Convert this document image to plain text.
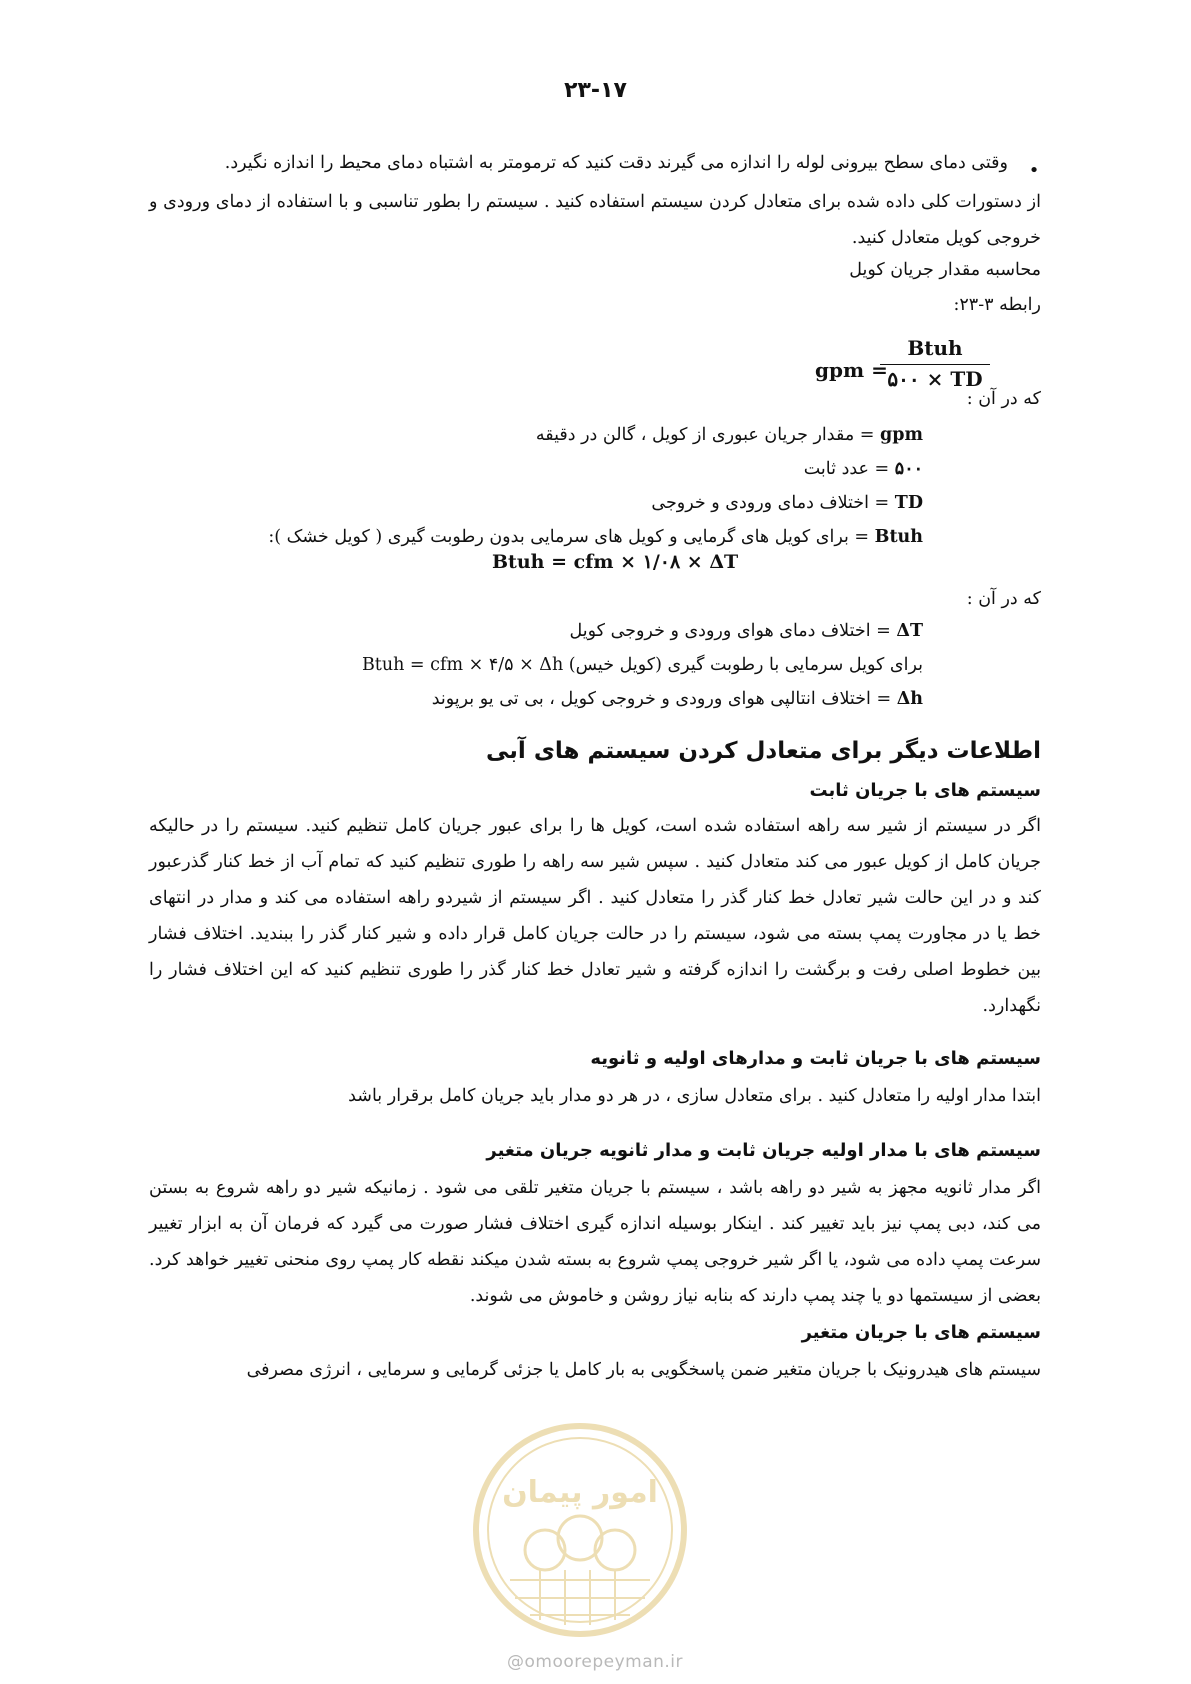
۲۳-۱۷
•
وقتی دمای سطح بیرونی لوله را اندازه می گیرند دقت کنید که ترمومتر به اشتباه دمای محیط را اندازه نگیرد.
از دستورات کلی داده شده برای متعادل کردن سیستم استفاده کنید . سیستم را بطور تناسبی و با استفاده از دمای ورودی و خروجی کویل متعادل کنید.
محاسبه مقدار جریان کویل
رابطه ۳-۲۳:
gpm =
Btuh
۵۰۰ × TD
که در آن :
gpm = مقدار جریان عبوری از کویل ، گالن در دقیقه
۵۰۰ = عدد ثابت
TD = اختلاف دمای ورودی و خروجی
Btuh = برای کویل های گرمایی و کویل های سرمایی بدون رطوبت گیری ( کویل خشک ):
Btuh = cfm × ۱/۰۸ × ΔT
که در آن :
ΔT = اختلاف دمای هوای ورودی و خروجی کویل
برای کویل سرمایی با رطوبت گیری (کویل خیس) Btuh = cfm × ۴/۵ × Δh
Δh = اختلاف انتالپی هوای ورودی و خروجی کویل ، بی تی یو برپوند
اطلاعات دیگر برای متعادل کردن سیستم های آبی
سیستم های با جریان ثابت
اگر در سیستم از شیر سه راهه استفاده شده است، کویل ها را برای عبور جریان کامل تنظیم کنید. سیستم را در حالیکه جریان کامل از کویل عبور می کند متعادل کنید . سپس شیر سه راهه را طوری تنظیم کنید که تمام آب از خط کنار گذرعبور کند و در این حالت شیر تعادل خط کنار گذر را متعادل کنید . اگر سیستم از شیردو راهه استفاده می کند و مدار در انتهای خط یا در مجاورت پمپ بسته می شود، سیستم را در حالت جریان کامل قرار داده و شیر کنار گذر را ببندید. اختلاف فشار بین خطوط اصلی رفت و برگشت را اندازه گرفته و شیر تعادل خط کنار گذر را طوری تنظیم کنید که این اختلاف فشار را نگهدارد.
سیستم های با جریان ثابت و مدارهای اولیه و ثانویه
ابتدا مدار اولیه را متعادل کنید . برای متعادل سازی ، در هر دو مدار باید جریان کامل برقرار باشد
سیستم های با مدار اولیه جریان ثابت و مدار ثانویه جریان متغیر
اگر مدار ثانویه مجهز به شیر دو راهه باشد ، سیستم با جریان متغیر تلقی می شود . زمانیکه شیر دو راهه شروع به بستن می کند، دبی پمپ نیز باید تغییر کند . اینکار بوسیله اندازه گیری اختلاف فشار صورت می گیرد که فرمان آن به ابزار تغییر سرعت پمپ داده می شود، یا اگر شیر خروجی پمپ شروع به بسته شدن میکند نقطه کار پمپ روی منحنی تغییر خواهد کرد. بعضی از سیستمها دو یا چند پمپ دارند که بنابه نیاز روشن و خاموش می شوند.
سیستم های با جریان متغیر
سیستم های هیدرونیک با جریان متغیر ضمن پاسخگویی به بار کامل یا جزئی گرمایی و سرمایی ، انرژی مصرفی
امور پیمان
@omoorepeyman.ir
